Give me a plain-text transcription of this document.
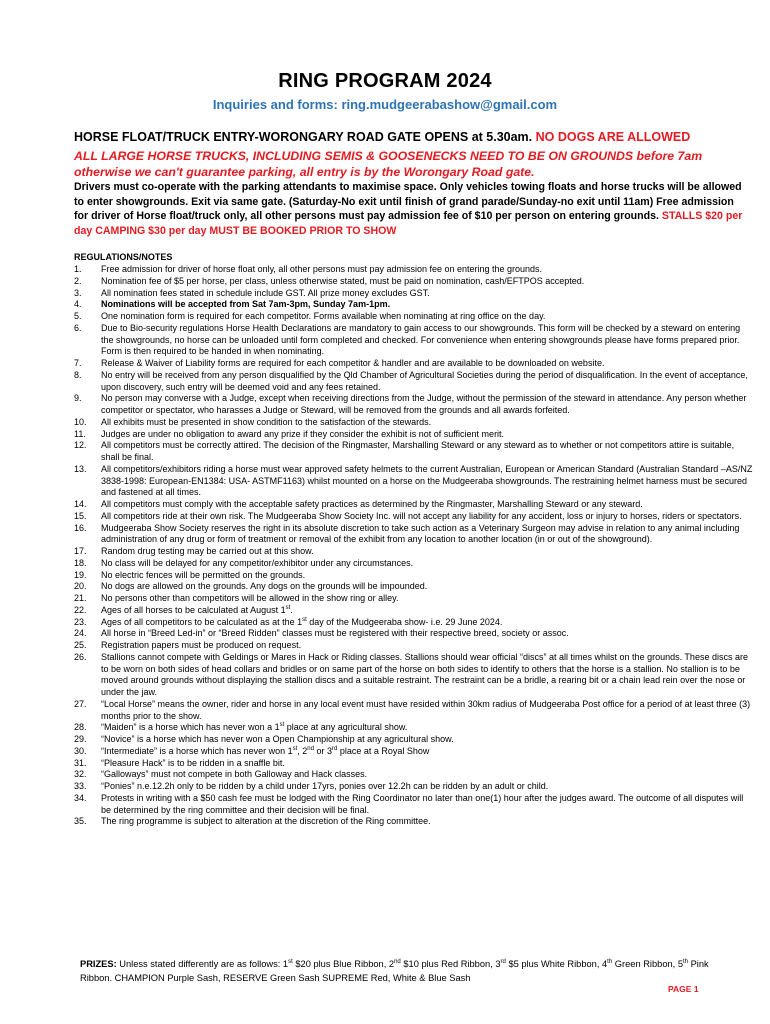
RING PROGRAM 2024
Inquiries and forms: ring.mudgeerabashow@gmail.com
HORSE FLOAT/TRUCK ENTRY-WORONGARY ROAD GATE OPENS at 5.30am. NO DOGS ARE ALLOWED
ALL LARGE HORSE TRUCKS, INCLUDING SEMIS & GOOSENECKS NEED TO BE ON GROUNDS before 7am otherwise we can't guarantee parking, all entry is by the Worongary Road gate.
Drivers must co-operate with the parking attendants to maximise space. Only vehicles towing floats and horse trucks will be allowed to enter showgrounds. Exit via same gate. (Saturday-No exit until finish of grand parade/Sunday-no exit until 11am) Free admission for driver of Horse float/truck only, all other persons must pay admission fee of $10 per person on entering grounds. STALLS $20 per day CAMPING $30 per day MUST BE BOOKED PRIOR TO SHOW
REGULATIONS/NOTES
1. Free admission for driver of horse float only, all other persons must pay admission fee on entering the grounds.
2. Nomination fee of $5 per horse, per class, unless otherwise stated, must be paid on nomination, cash/EFTPOS accepted.
3. All nomination fees stated in schedule include GST. All prize money excludes GST.
4. Nominations will be accepted from Sat 7am-3pm, Sunday 7am-1pm.
5. One nomination form is required for each competitor. Forms available when nominating at ring office on the day.
6. Due to Bio-security regulations Horse Health Declarations are mandatory to gain access to our showgrounds. This form will be checked by a steward on entering the showgrounds, no horse can be unloaded until form completed and checked. For convenience when entering showgrounds please have forms prepared prior. Form is then required to be handed in when nominating.
7. Release & Waiver of Liability forms are required for each competitor & handler and are available to be downloaded on website.
8. No entry will be received from any person disqualified by the Qld Chamber of Agricultural Societies during the period of disqualification. In the event of acceptance, upon discovery, such entry will be deemed void and any fees retained.
9. No person may converse with a Judge, except when receiving directions from the Judge, without the permission of the steward in attendance. Any person whether competitor or spectator, who harasses a Judge or Steward, will be removed from the grounds and all awards forfeited.
10. All exhibits must be presented in show condition to the satisfaction of the stewards.
11. Judges are under no obligation to award any prize if they consider the exhibit is not of sufficient merit.
12. All competitors must be correctly attired. The decision of the Ringmaster, Marshalling Steward or any steward as to whether or not competitors attire is suitable, shall be final.
13. All competitors/exhibitors riding a horse must wear approved safety helmets to the current Australian, European or American Standard (Australian Standard –AS/NZ 3838-1998: European-EN1384: USA- ASTMF1163) whilst mounted on a horse on the Mudgeeraba showgrounds. The restraining helmet harness must be secured and fastened at all times.
14. All competitors must comply with the acceptable safety practices as determined by the Ringmaster, Marshalling Steward or any steward.
15. All competitors ride at their own risk. The Mudgeeraba Show Society Inc. will not accept any liability for any accident, loss or injury to horses, riders or spectators.
16. Mudgeeraba Show Society reserves the right in its absolute discretion to take such action as a Veterinary Surgeon may advise in relation to any animal including administration of any drug or form of treatment or removal of the exhibit from any location to another location (in or out of the showground).
17. Random drug testing may be carried out at this show.
18. No class will be delayed for any competitor/exhibitor under any circumstances.
19. No electric fences will be permitted on the grounds.
20. No dogs are allowed on the grounds. Any dogs on the grounds will be impounded.
21. No persons other than competitors will be allowed in the show ring or alley.
22. Ages of all horses to be calculated at August 1st.
23. Ages of all competitors to be calculated as at the 1st day of the Mudgeeraba show- i.e. 29 June 2024.
24. All horse in “Breed Led-in” or “Breed Ridden” classes must be registered with their respective breed, society or assoc.
25. Registration papers must be produced on request.
26. Stallions cannot compete with Geldings or Mares in Hack or Riding classes. Stallions should wear official “discs” at all times whilst on the grounds. These discs are to be worn on both sides of head collars and bridles or on same part of the horse on both sides to identify to others that the horse is a stallion. No stallion is to be moved around grounds without displaying the stallion discs and a suitable restraint. The restraint can be a bridle, a rearing bit or a chain lead rein over the nose or under the jaw.
27. “Local Horse” means the owner, rider and horse in any local event must have resided within 30km radius of Mudgeeraba Post office for a period of at least three (3) months prior to the show.
28. “Maiden” is a horse which has never won a 1st place at any agricultural show.
29. “Novice” is a horse which has never won a Open Championship at any agricultural show.
30. “Intermediate” is a horse which has never won 1st, 2nd or 3rd place at a Royal Show
31. “Pleasure Hack” is to be ridden in a snaffle bit.
32. “Galloways” must not compete in both Galloway and Hack classes.
33. “Ponies” n.e.12.2h only to be ridden by a child under 17yrs, ponies over 12.2h can be ridden by an adult or child.
34. Protests in writing with a $50 cash fee must be lodged with the Ring Coordinator no later than one(1) hour after the judges award. The outcome of all disputes will be determined by the ring committee and their decision will be final.
35. The ring programme is subject to alteration at the discretion of the Ring committee.
PRIZES: Unless stated differently are as follows: 1st $20 plus Blue Ribbon, 2nd $10 plus Red Ribbon, 3rd $5 plus White Ribbon, 4th Green Ribbon, 5th Pink Ribbon. CHAMPION Purple Sash, RESERVE Green Sash SUPREME Red, White & Blue Sash
PAGE 1
